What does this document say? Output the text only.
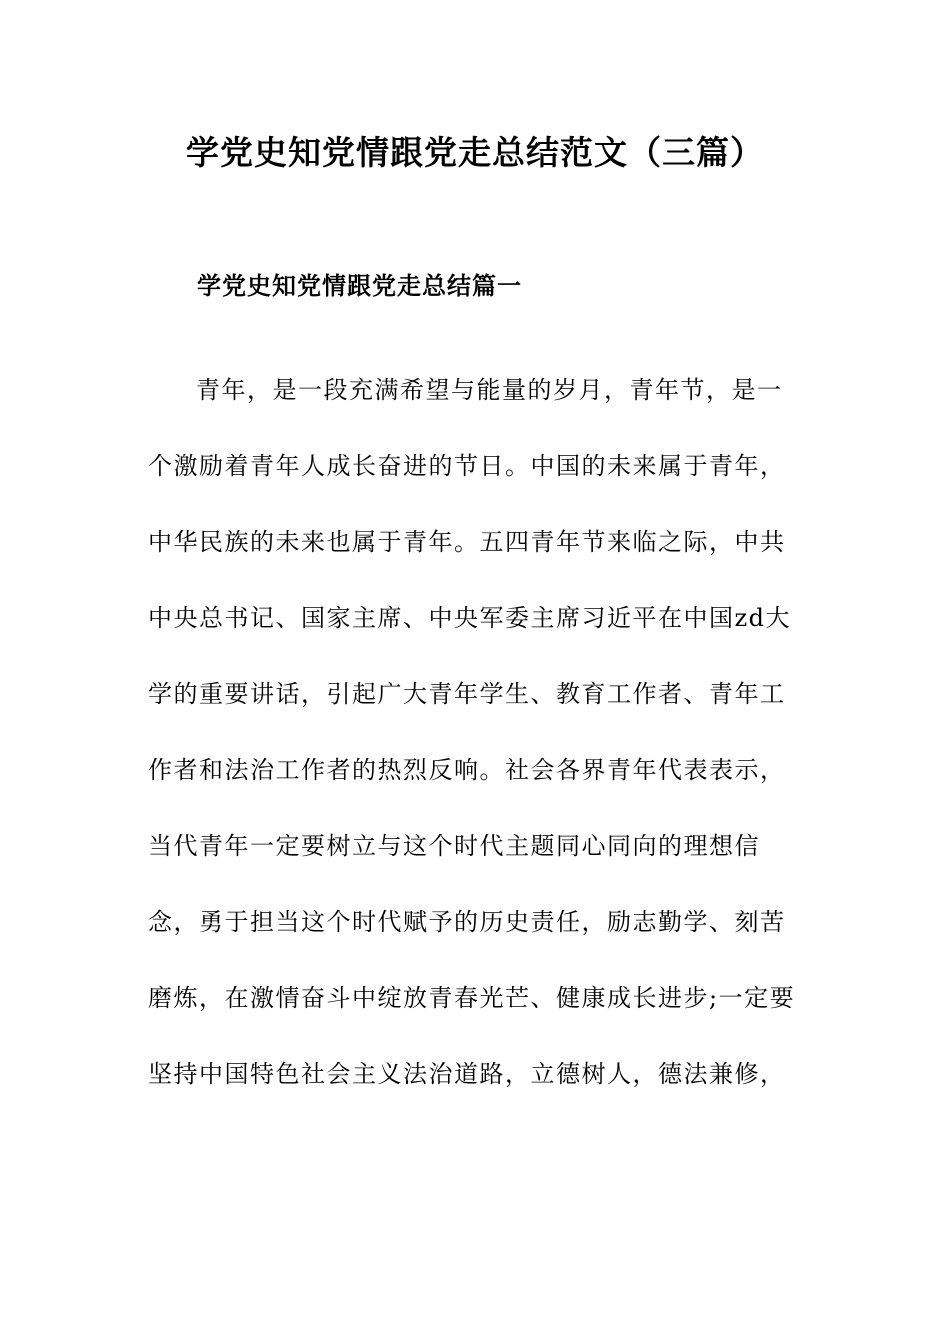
学党史知党情跟党走总结范文（三篇）
学党史知党情跟党走总结篇一
青年，是一段充满希望与能量的岁月，青年节，是一
个激励着青年人成长奋进的节日。中国的未来属于青年，
中华民族的未来也属于青年。五四青年节来临之际，中共
中央总书记、国家主席、中央军委主席习近平在中国zd大
学的重要讲话，引起广大青年学生、教育工作者、青年工
作者和法治工作者的热烈反响。社会各界青年代表表示，
当代青年一定要树立与这个时代主题同心同向的理想信
念，勇于担当这个时代赋予的历史责任，励志勤学、刻苦
磨炼，在激情奋斗中绽放青春光芒、健康成长进步;一定要
坚持中国特色社会主义法治道路，立德树人，德法兼修，
